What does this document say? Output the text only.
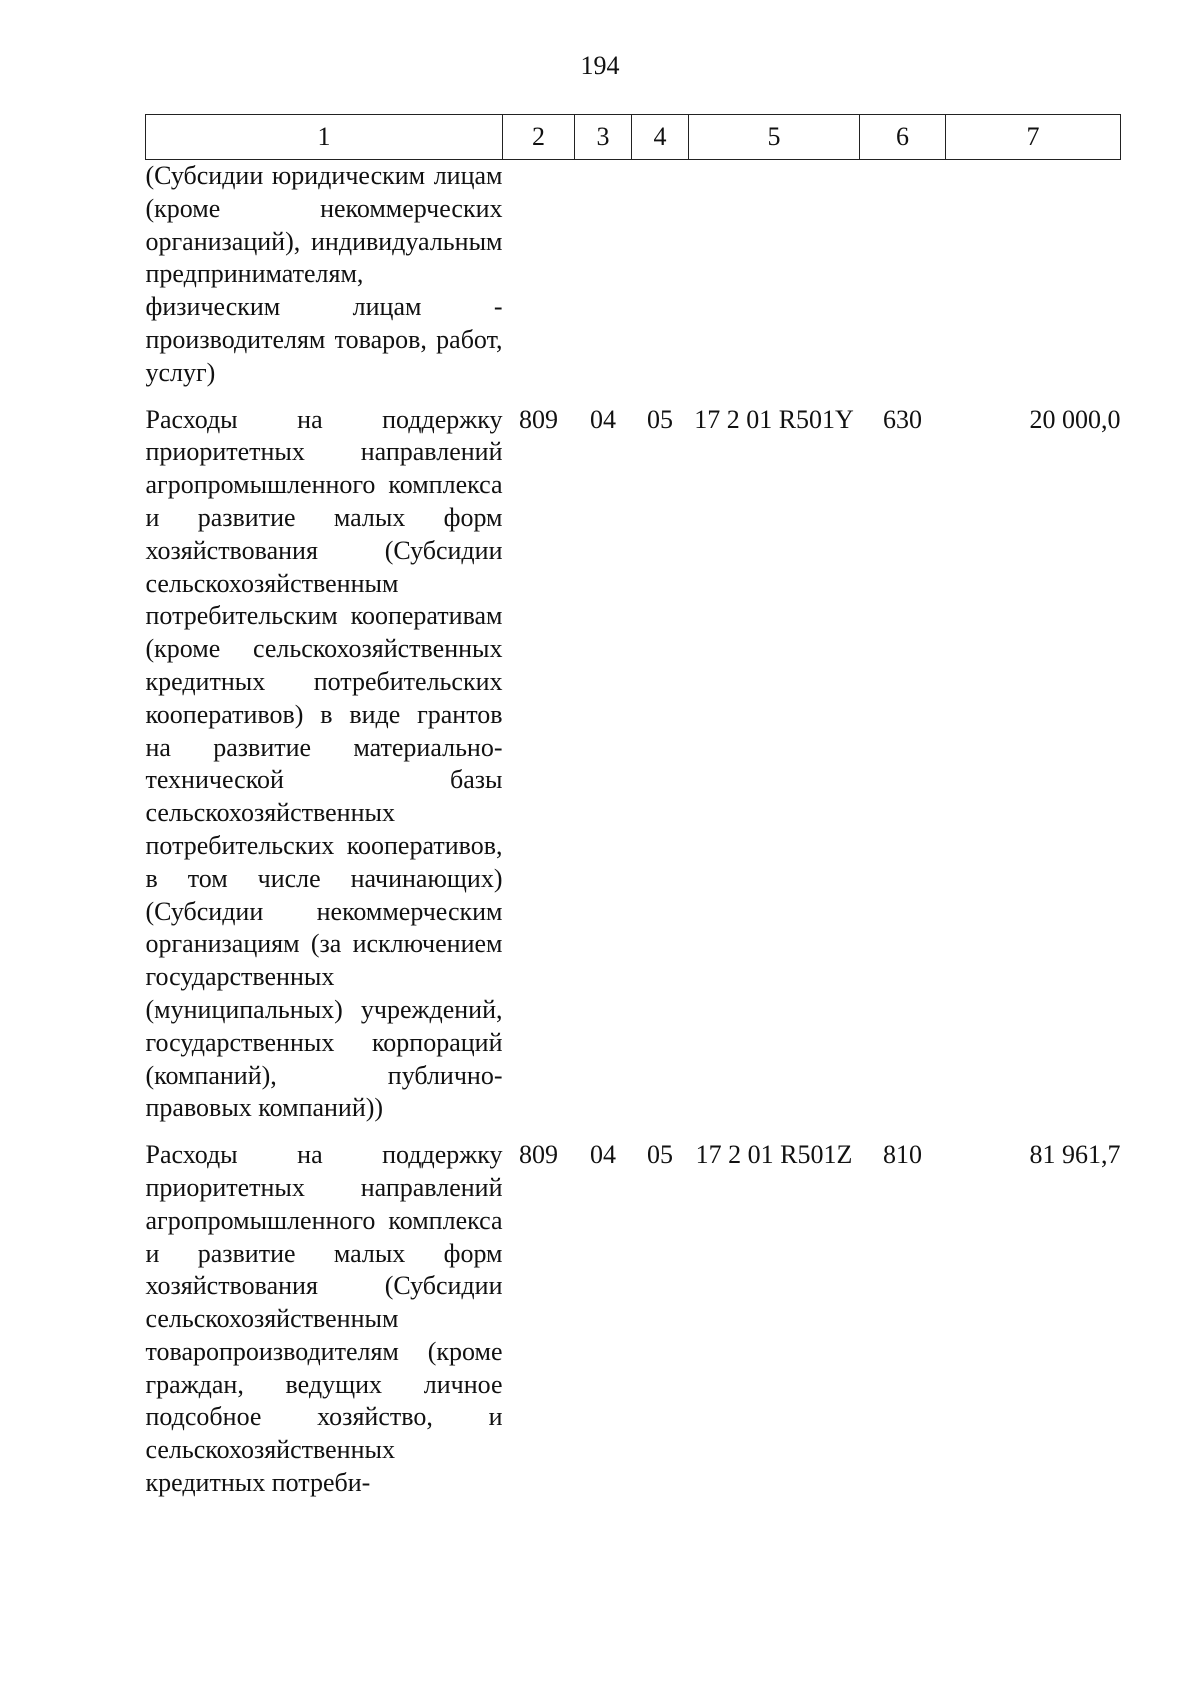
194
1	2	3	4	5	6	7
(Субсидии юридическим лицам (кроме некоммерческих организаций), индивидуальным предпринимателям, физическим лицам - производителям товаров, работ, услуг)						
Расходы на поддержку приоритетных направлений агропромышленного комплекса и развитие малых форм хозяйствования (Субсидии сельскохозяйственным потребительским кооперативам (кроме сельскохозяйственных кредитных потребительских кооперативов) в виде грантов на развитие материально-технической базы сельскохозяйственных потребительских кооперативов, в том числе начинающих) (Субсидии некоммерческим организациям (за исключением государственных (муниципальных) учреждений, государственных корпораций (компаний), публично-правовых компаний))	809	04	05	17 2 01 R501Y	630	20 000,0
Расходы на поддержку приоритетных направлений агропромышленного комплекса и развитие малых форм хозяйствования (Субсидии сельскохозяйственным товаропроизводителям (кроме граждан, ведущих личное подсобное хозяйство, и сельскохозяйственных кредитных потреби-	809	04	05	17 2 01 R501Z	810	81 961,7
